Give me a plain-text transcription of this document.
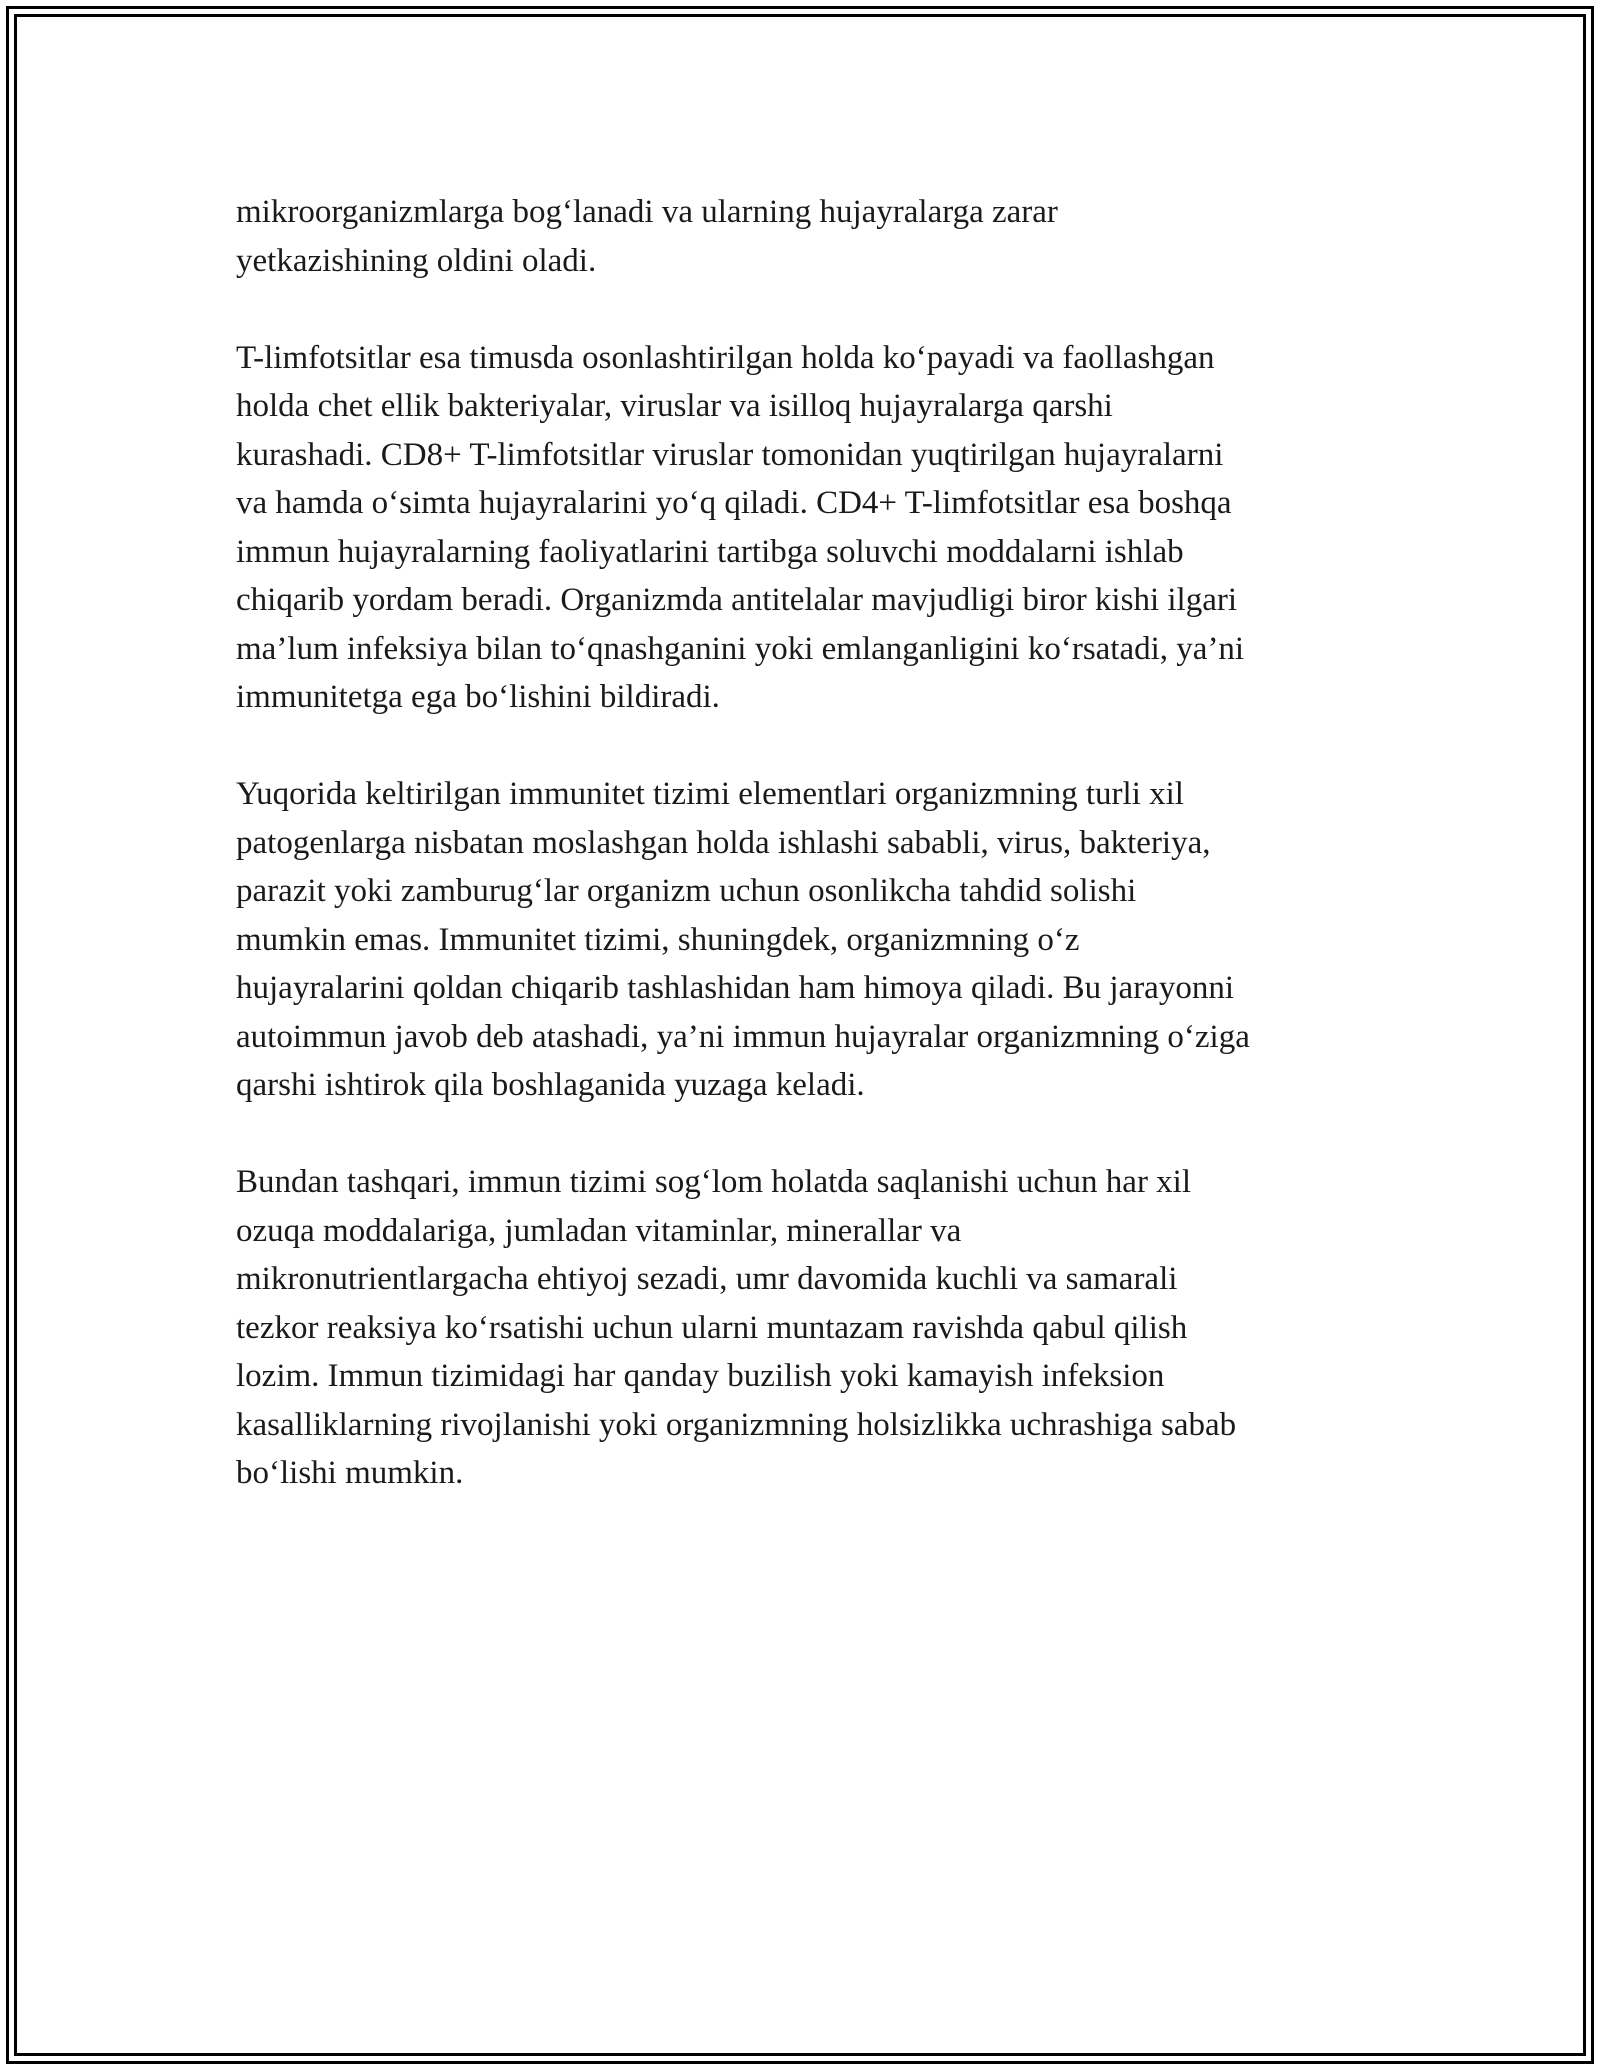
mikroorganizmlarga bog‘lanadi va ularning hujayralarga zarar
yetkazishining oldini oladi.

T-limfotsitlar esa timusda osonlashtirilgan holda ko‘payadi va faollashgan
holda chet ellik bakteriyalar, viruslar va isilloq hujayralarga qarshi
kurashadi. CD8+ T-limfotsitlar viruslar tomonidan yuqtirilgan hujayralarni
va hamda o‘simta hujayralarini yo‘q qiladi. CD4+ T-limfotsitlar esa boshqa
immun hujayralarning faoliyatlarini tartibga soluvchi moddalarni ishlab
chiqarib yordam beradi. Organizmda antitelalar mavjudligi biror kishi ilgari
ma’lum infeksiya bilan to‘qnashganini yoki emlanganligini ko‘rsatadi, ya’ni
immunitetga ega bo‘lishini bildiradi.

Yuqorida keltirilgan immunitet tizimi elementlari organizmning turli xil
patogenlarga nisbatan moslashgan holda ishlashi sababli, virus, bakteriya,
parazit yoki zamburug‘lar organizm uchun osonlikcha tahdid solishi
mumkin emas. Immunitet tizimi, shuningdek, organizmning o‘z
hujayralarini qoldan chiqarib tashlashidan ham himoya qiladi. Bu jarayonni
autoimmun javob deb atashadi, ya’ni immun hujayralar organizmning o‘ziga
qarshi ishtirok qila boshlaganida yuzaga keladi.

Bundan tashqari, immun tizimi sog‘lom holatda saqlanishi uchun har xil
ozuqa moddalariga, jumladan vitaminlar, minerallar va
mikronutrientlargacha ehtiyoj sezadi, umr davomida kuchli va samarali
tezkor reaksiya ko‘rsatishi uchun ularni muntazam ravishda qabul qilish
lozim. Immun tizimidagi har qanday buzilish yoki kamayish infeksion
kasalliklarning rivojlanishi yoki organizmning holsizlikka uchrashiga sabab
bo‘lishi mumkin.
